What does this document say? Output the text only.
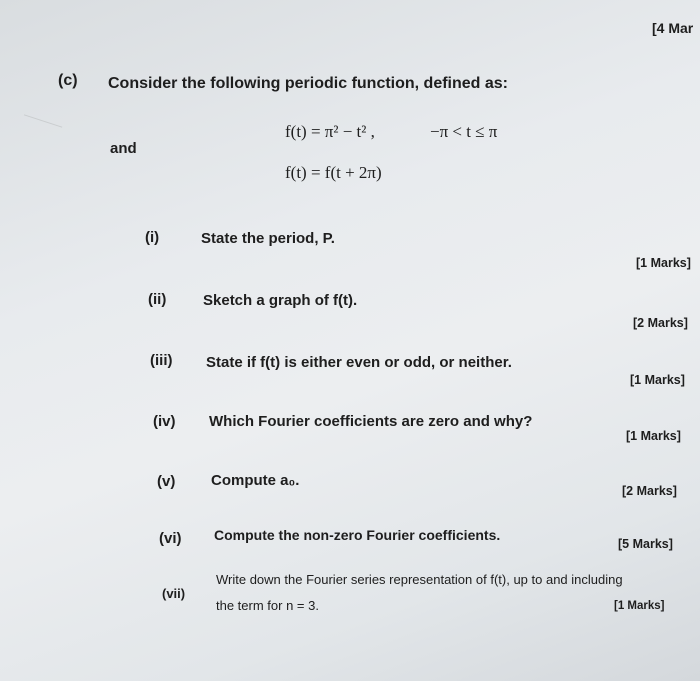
[4 Mar
(c) Consider the following periodic function, defined as:
f(t) = π² − t² ,	−π < t ≤ π
and
f(t) = f(t + 2π)
(i)	State the period, P.
[1 Marks]
(ii) Sketch a graph of f(t).
[2 Marks]
(iii) State if f(t) is either even or odd, or neither.
[1 Marks]
(iv) Which Fourier coefficients are zero and why?
[1 Marks]
(v) Compute a₀.
[2 Marks]
(vi) Compute the non-zero Fourier coefficients.
[5 Marks]
(vii)
Write down the Fourier series representation of f(t), up to and including
the term for n = 3.	[1 Marks]
